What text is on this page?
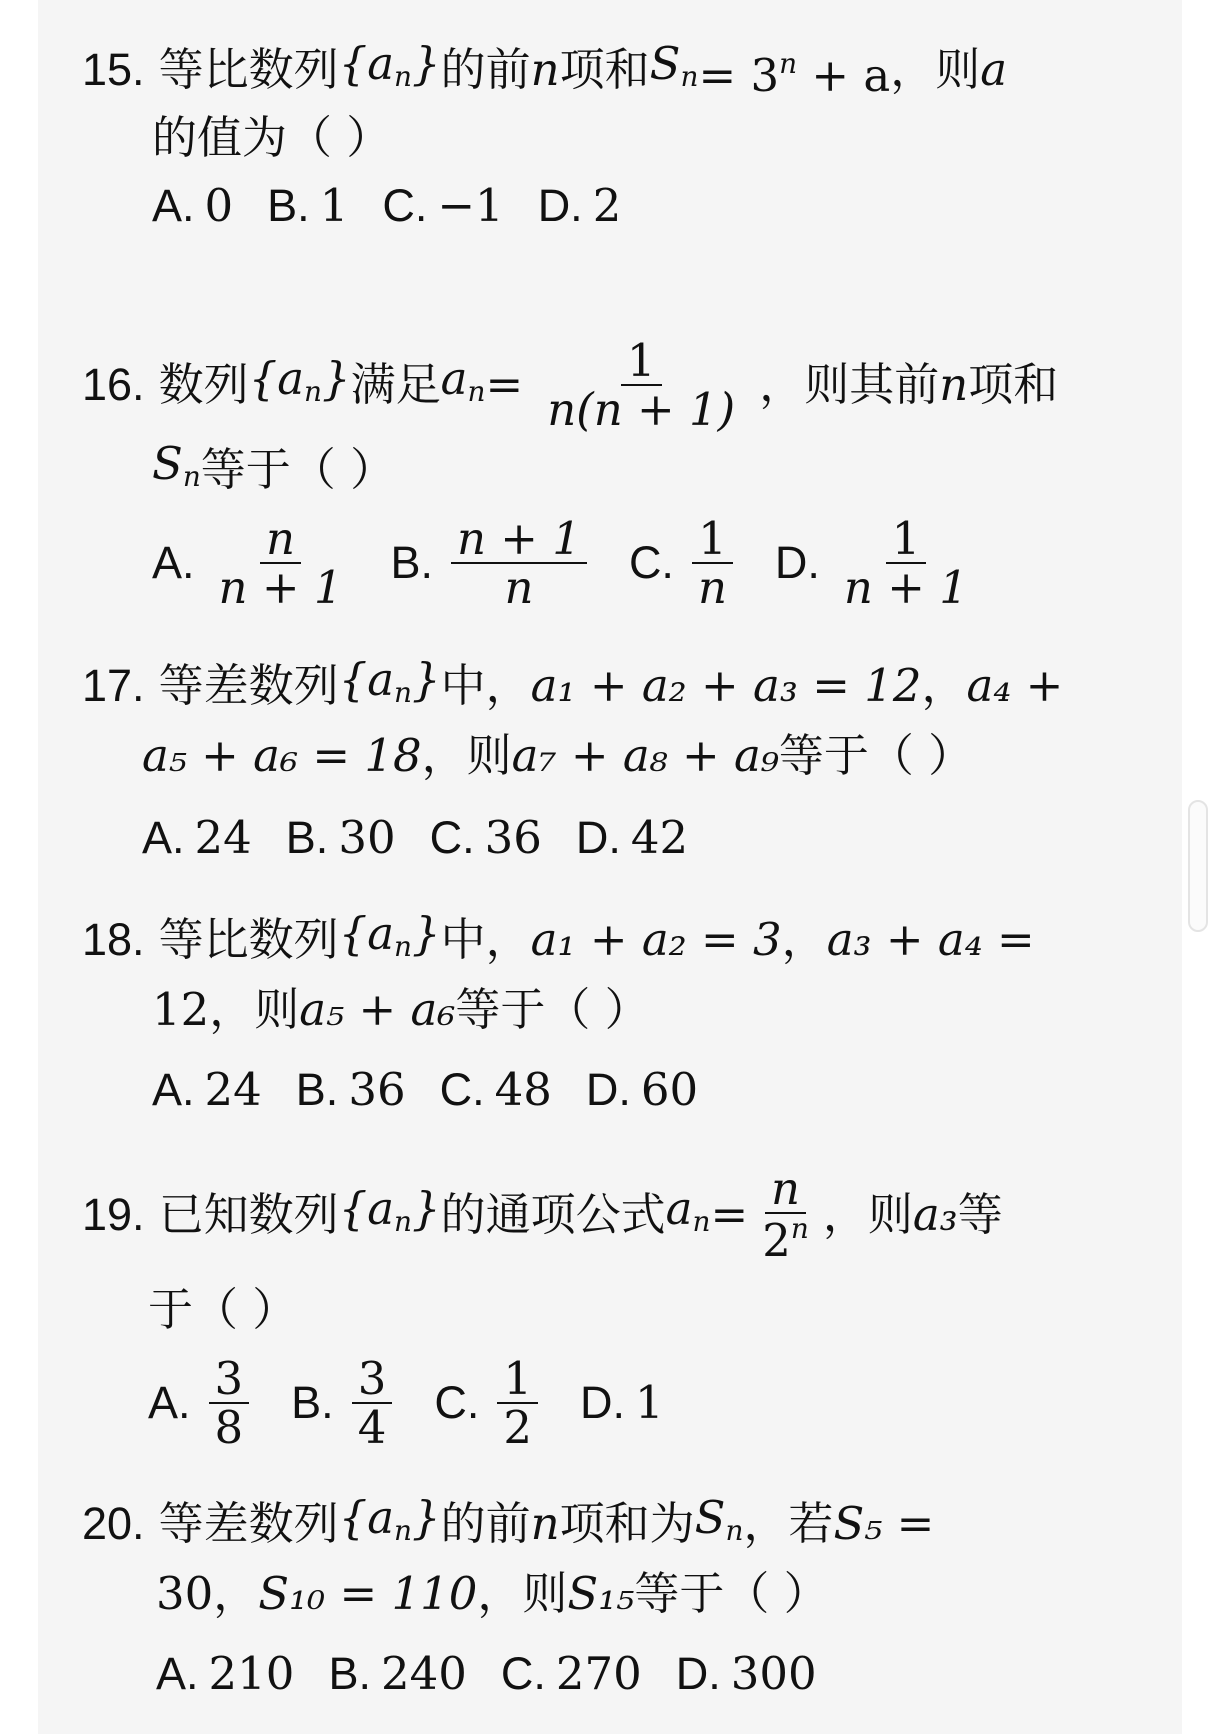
15. 等比数列 $\{a_n\}$ 的前 n 项和 $S_n = 3^n + a$ ，则 a
的值为（ ）
A. 0 B. 1 C. −1 D. 2
16. 数列 $\{a_n\}$ 满足 $a_n = \frac{1}{n(n + 1)}$ ，则其前 n 项和
$S_n$ 等于（ ）
A. $\frac{n}{n + 1} B$. $\frac{n + 1}{n} C$. $\frac{1}{n} D$. $\frac{1}{n + 1}$
17. 等差数列 $\{a_n\}$ 中， a₁ + a₂ + a₃ = 12 ， a₄ +
a₅ + a₆ = 18 ，则 a₇ + a₈ + a₉ 等于（ ）
A. 24 B. 30 C. 36 D. 42
18. 等比数列 $\{a_n\}$ 中， a₁ + a₂ = 3 ， a₃ + a₄ =
12 ，则 a₅ + a₆ 等于（ ）
A. 24 B. 36 C. 48 D. 60
19. 已知数列 $\{a_n\}$ 的通项公式 $a_n = \frac{n}{2^n}$ ，则 a₃ 等
于（ ）
A. $\frac{3}{8} B$. $\frac{3}{4} C$. $\frac{1}{2} D$. 1
20. 等差数列 $\{a_n\}$ 的前 n 项和为 $S_n$ ，若 S₅ =
30 ， S₁₀ = 110 ，则 S₁₅ 等于（ ）
A. 210 B. 240 C. 270 D. 300
